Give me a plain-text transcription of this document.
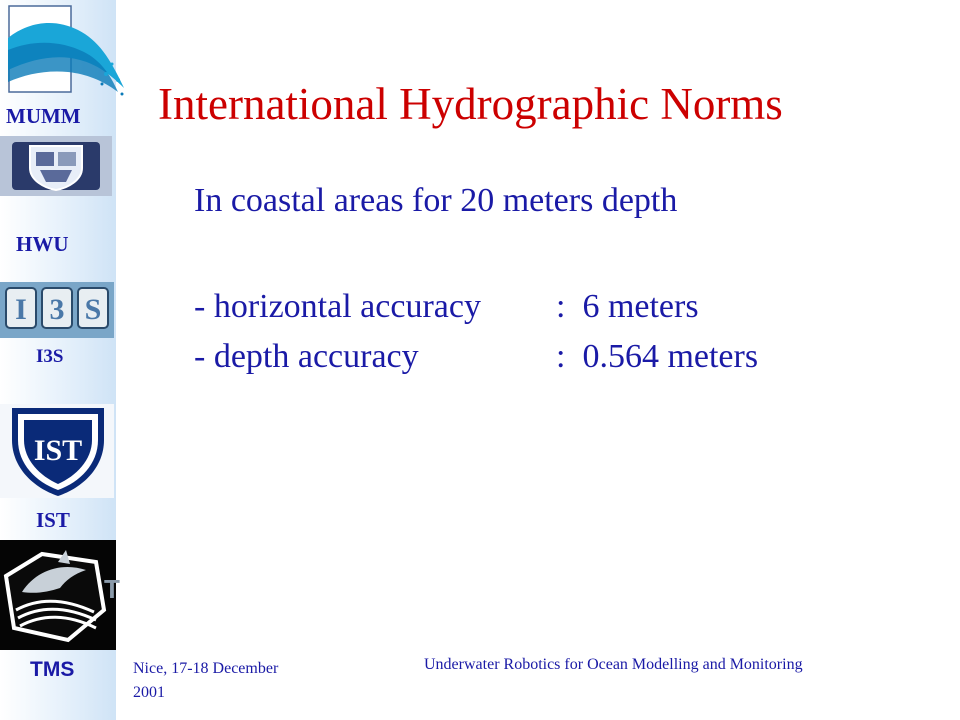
MUMM
HWU
I 3 S
I3S
IST
IST
T
TMS
International Hydrographic Norms
In coastal areas for 20 meters depth
- horizontal accuracy :  6 meters
- depth accuracy	:  0.564 meters
Nice, 17-18 December
2001
Underwater Robotics for Ocean Modelling and Monitoring
